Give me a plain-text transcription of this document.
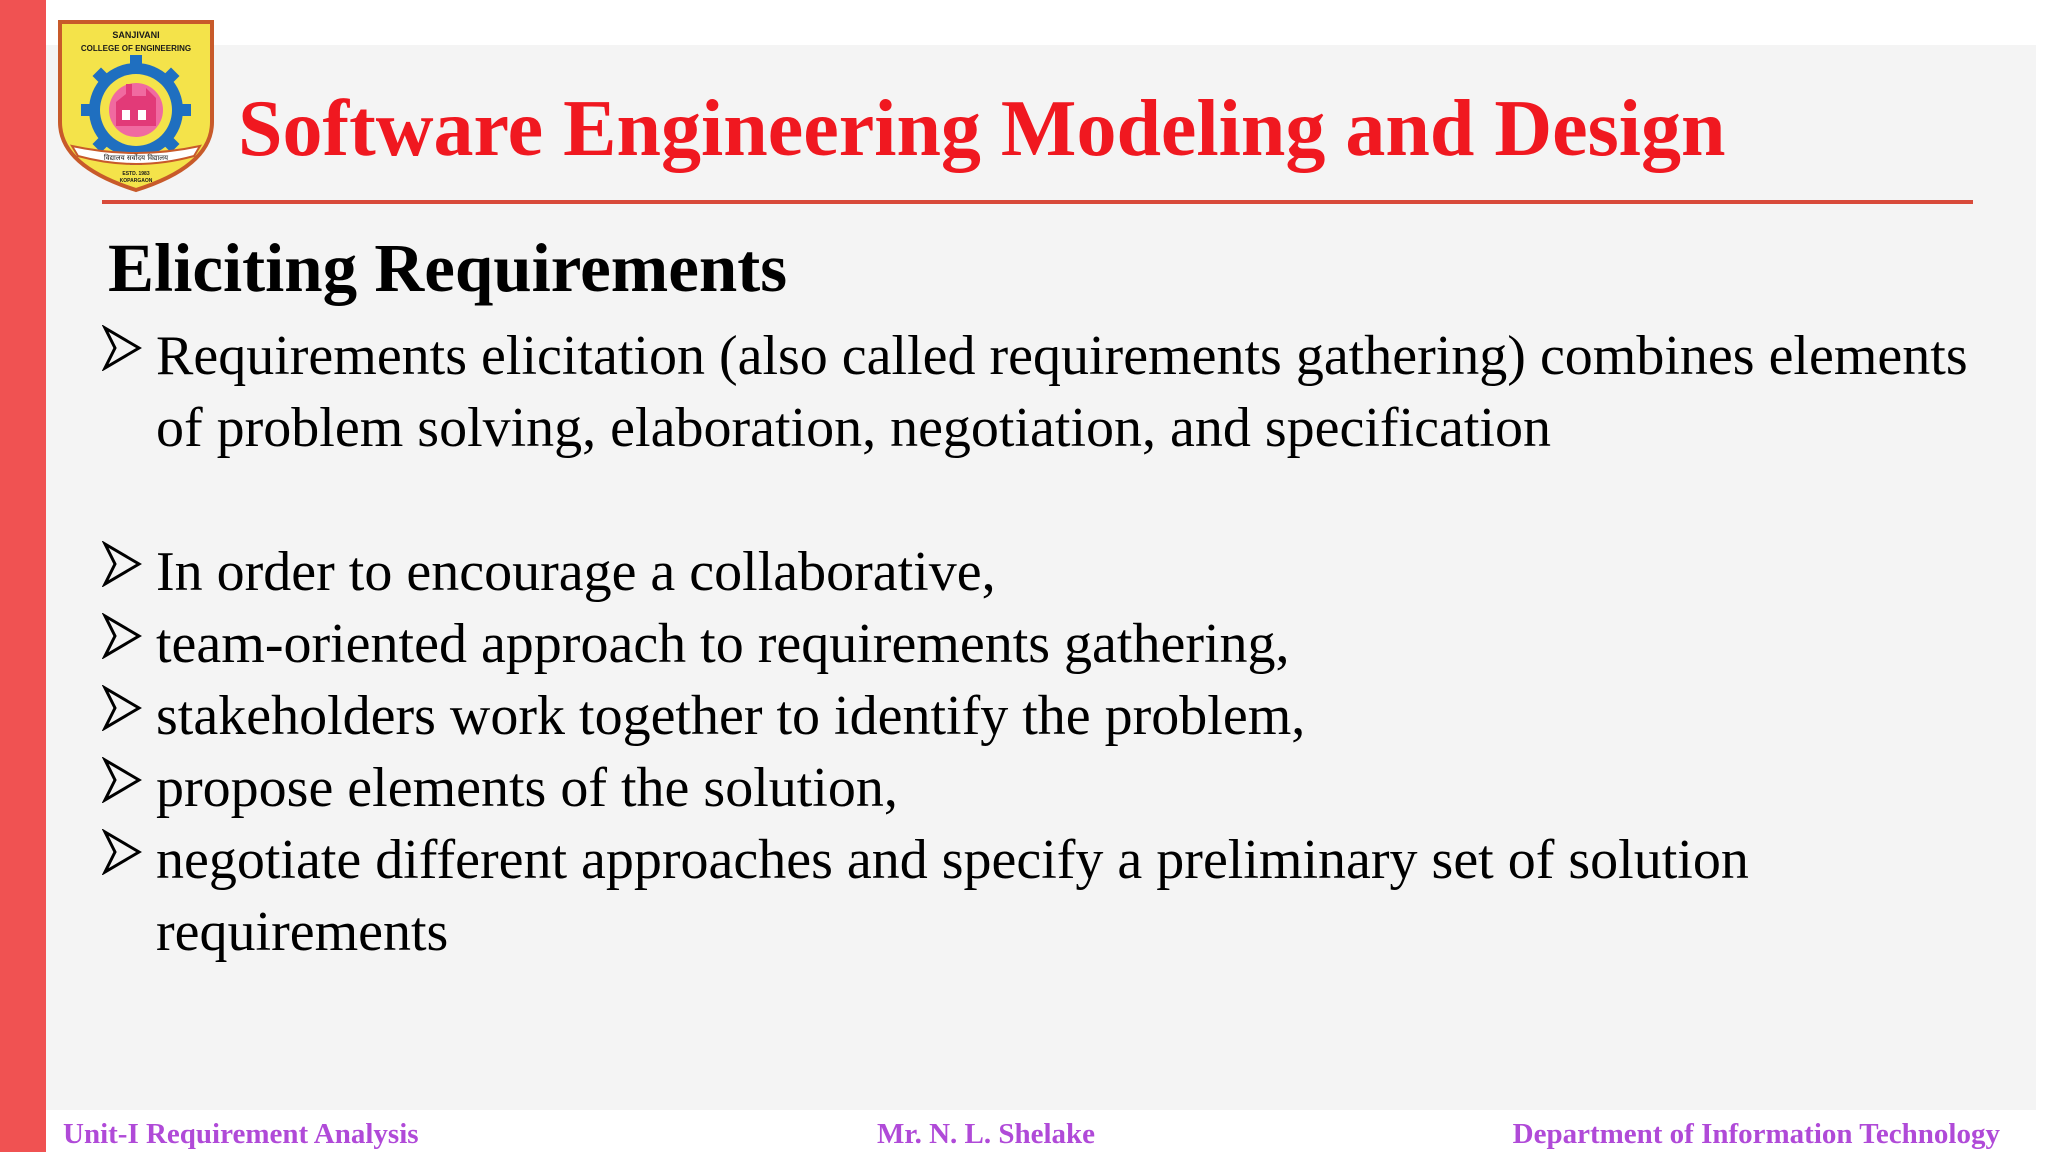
SANJIVANI
COLLEGE OF ENGINEERING
विद्यालय सर्वोदय विद्यालय
ESTD. 1983
KOPARGAON
Software Engineering Modeling and Design
Eliciting Requirements
Requirements elicitation (also called requirements gathering) combines elements of problem solving, elaboration, negotiation, and specification
In order to encourage a collaborative,
team-oriented approach to requirements gathering,
stakeholders work together to identify the problem,
propose elements of the solution,
negotiate different approaches and specify a preliminary set of solution requirements
Unit-I Requirement Analysis	Mr. N. L. Shelake	Department of Information Technology
